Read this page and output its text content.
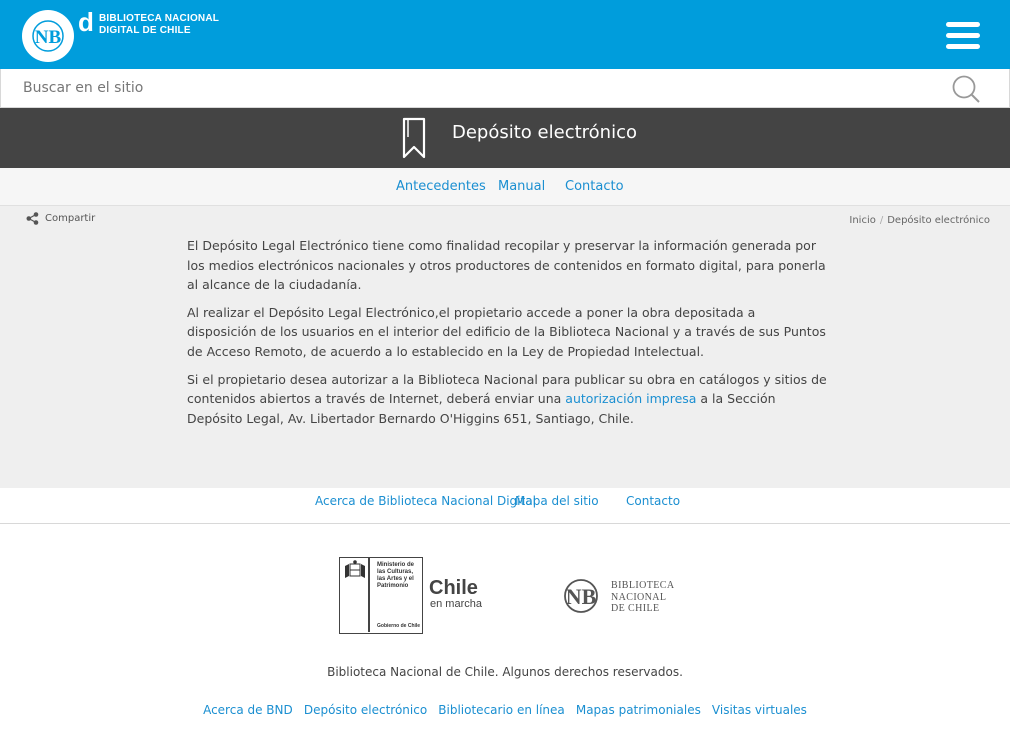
NB
d BIBLIOTECA NACIONAL
DIGITAL DE CHILE
Buscar en el sitio
Depósito electrónico
Antecedentes Manual Contacto
Compartir	Inicio / Depósito electrónico

El Depósito Legal Electrónico tiene como finalidad recopilar y preservar la información generada por los medios electrónicos nacionales y otros productores de contenidos en formato digital, para ponerla al alcance de la ciudadanía.

Al realizar el Depósito Legal Electrónico,el propietario accede a poner la obra depositada a disposición de los usuarios en el interior del edificio de la Biblioteca Nacional y a través de sus Puntos de Acceso Remoto, de acuerdo a lo establecido en la Ley de Propiedad Intelectual.

Si el propietario desea autorizar a la Biblioteca Nacional para publicar su obra en catálogos y sitios de contenidos abiertos a través de Internet, deberá enviar una autorización impresa a la Sección Depósito Legal, Av. Libertador Bernardo O'Higgins 651, Santiago, Chile.

Acerca de Biblioteca Nacional Digital
Mapa del sitio Contacto
Ministerio de
las Culturas,
las Artes y el
Patrimonio
Gobierno de Chile
Chile
en marcha	NB BIBLIOTECA
NACIONAL
DE CHILE
Biblioteca Nacional de Chile. Algunos derechos reservados.
Acerca de BND Depósito electrónico Bibliotecario en línea Mapas patrimoniales Visitas virtuales
